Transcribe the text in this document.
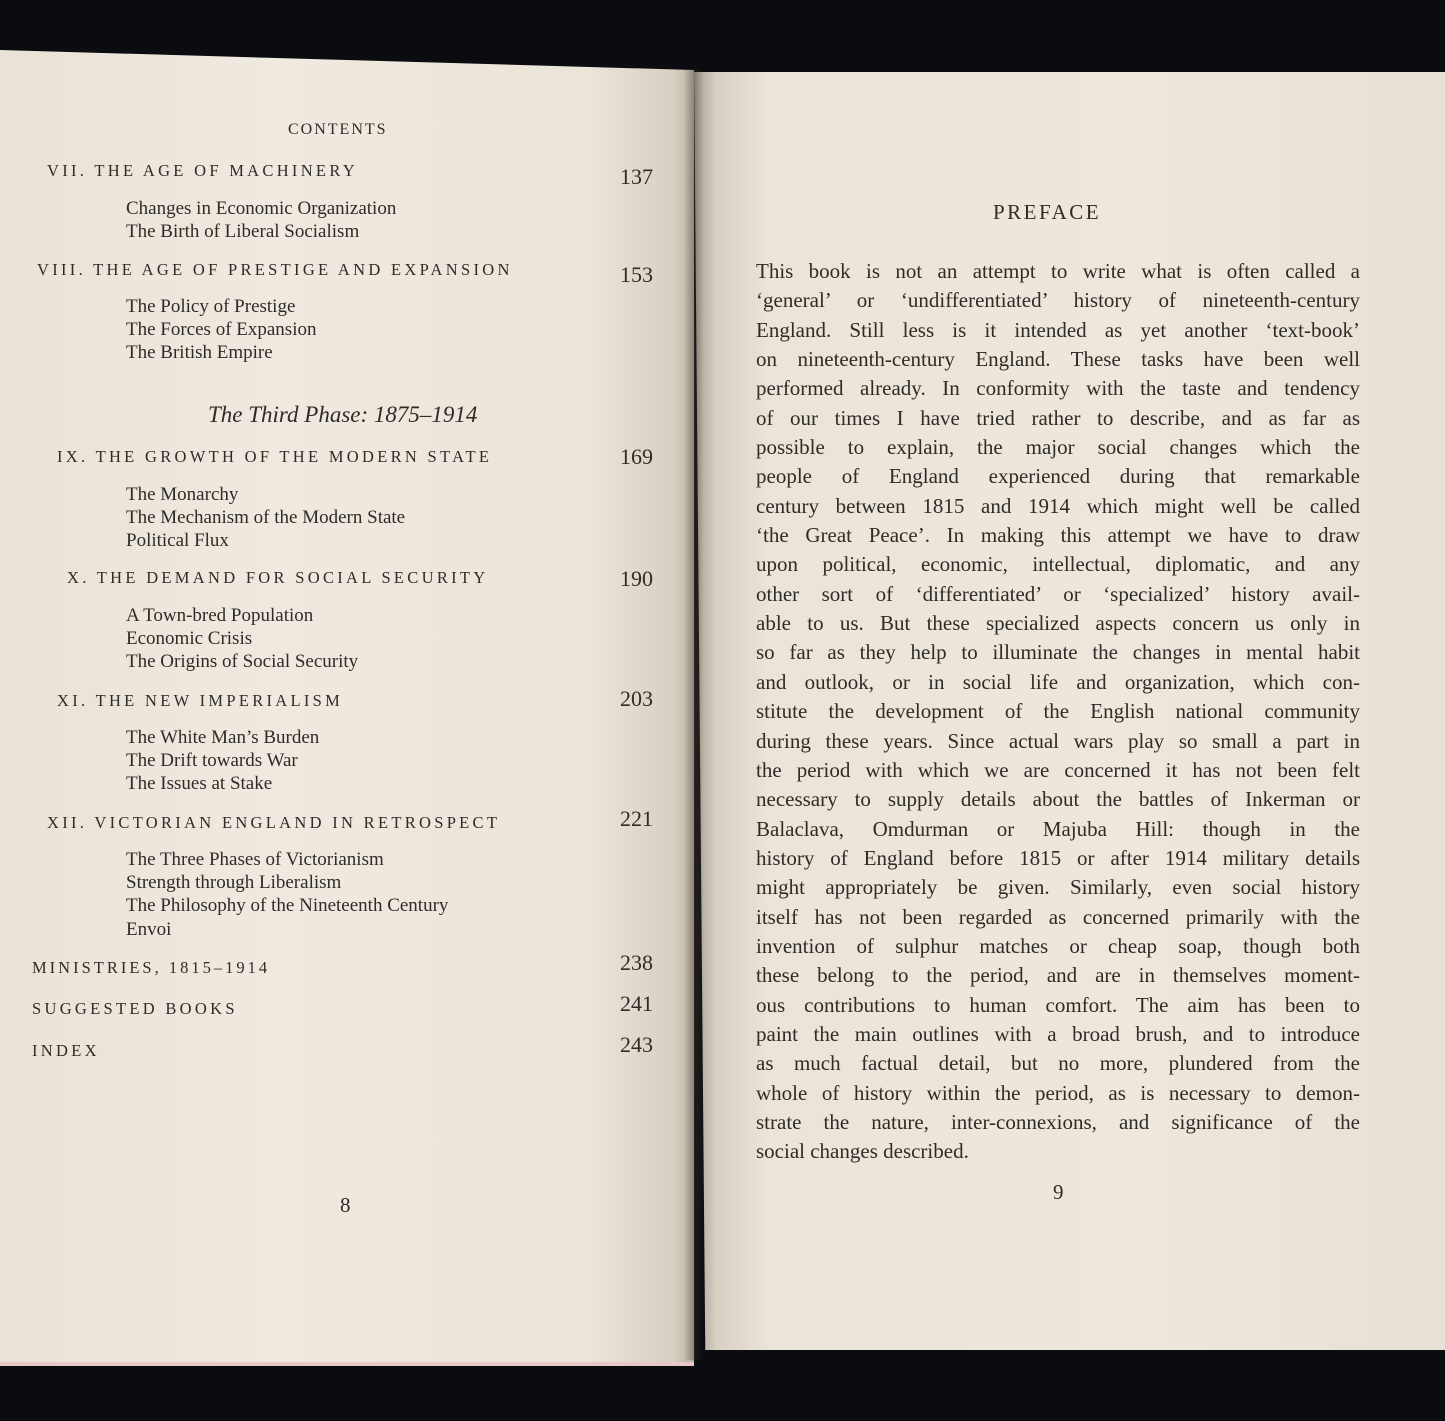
CONTENTS
VII. THE AGE OF MACHINERY	137
Changes in Economic Organization
The Birth of Liberal Socialism
VIII. THE AGE OF PRESTIGE AND EXPANSION	153
The Policy of Prestige
The Forces of Expansion
The British Empire
The Third Phase: 1875–1914
IX. THE GROWTH OF THE MODERN STATE	169
The Monarchy
The Mechanism of the Modern State
Political Flux
X. THE DEMAND FOR SOCIAL SECURITY	190
A Town-bred Population
Economic Crisis
The Origins of Social Security
XI. THE NEW IMPERIALISM	203
The White Man’s Burden
The Drift towards War
The Issues at Stake
XII. VICTORIAN ENGLAND IN RETROSPECT	221
The Three Phases of Victorianism
Strength through Liberalism
The Philosophy of the Nineteenth Century
Envoi
MINISTRIES, 1815–1914	238
SUGGESTED BOOKS	241
INDEX	243
8
PREFACE
This book is not an attempt to write what is often called a
‘general’ or ‘undifferentiated’ history of nineteenth-century
England. Still less is it intended as yet another ‘text-book’
on nineteenth-century England. These tasks have been well
performed already. In conformity with the taste and tendency
of our times I have tried rather to describe, and as far as
possible to explain, the major social changes which the
people of England experienced during that remarkable
century between 1815 and 1914 which might well be called
‘the Great Peace’. In making this attempt we have to draw
upon political, economic, intellectual, diplomatic, and any
other sort of ‘differentiated’ or ‘specialized’ history avail-
able to us. But these specialized aspects concern us only in
so far as they help to illuminate the changes in mental habit
and outlook, or in social life and organization, which con-
stitute the development of the English national community
during these years. Since actual wars play so small a part in
the period with which we are concerned it has not been felt
necessary to supply details about the battles of Inkerman or
Balaclava, Omdurman or Majuba Hill: though in the
history of England before 1815 or after 1914 military details
might appropriately be given. Similarly, even social history
itself has not been regarded as concerned primarily with the
invention of sulphur matches or cheap soap, though both
these belong to the period, and are in themselves moment-
ous contributions to human comfort. The aim has been to
paint the main outlines with a broad brush, and to introduce
as much factual detail, but no more, plundered from the
whole of history within the period, as is necessary to demon-
strate the nature, inter-connexions, and significance of the
social changes described.
9
